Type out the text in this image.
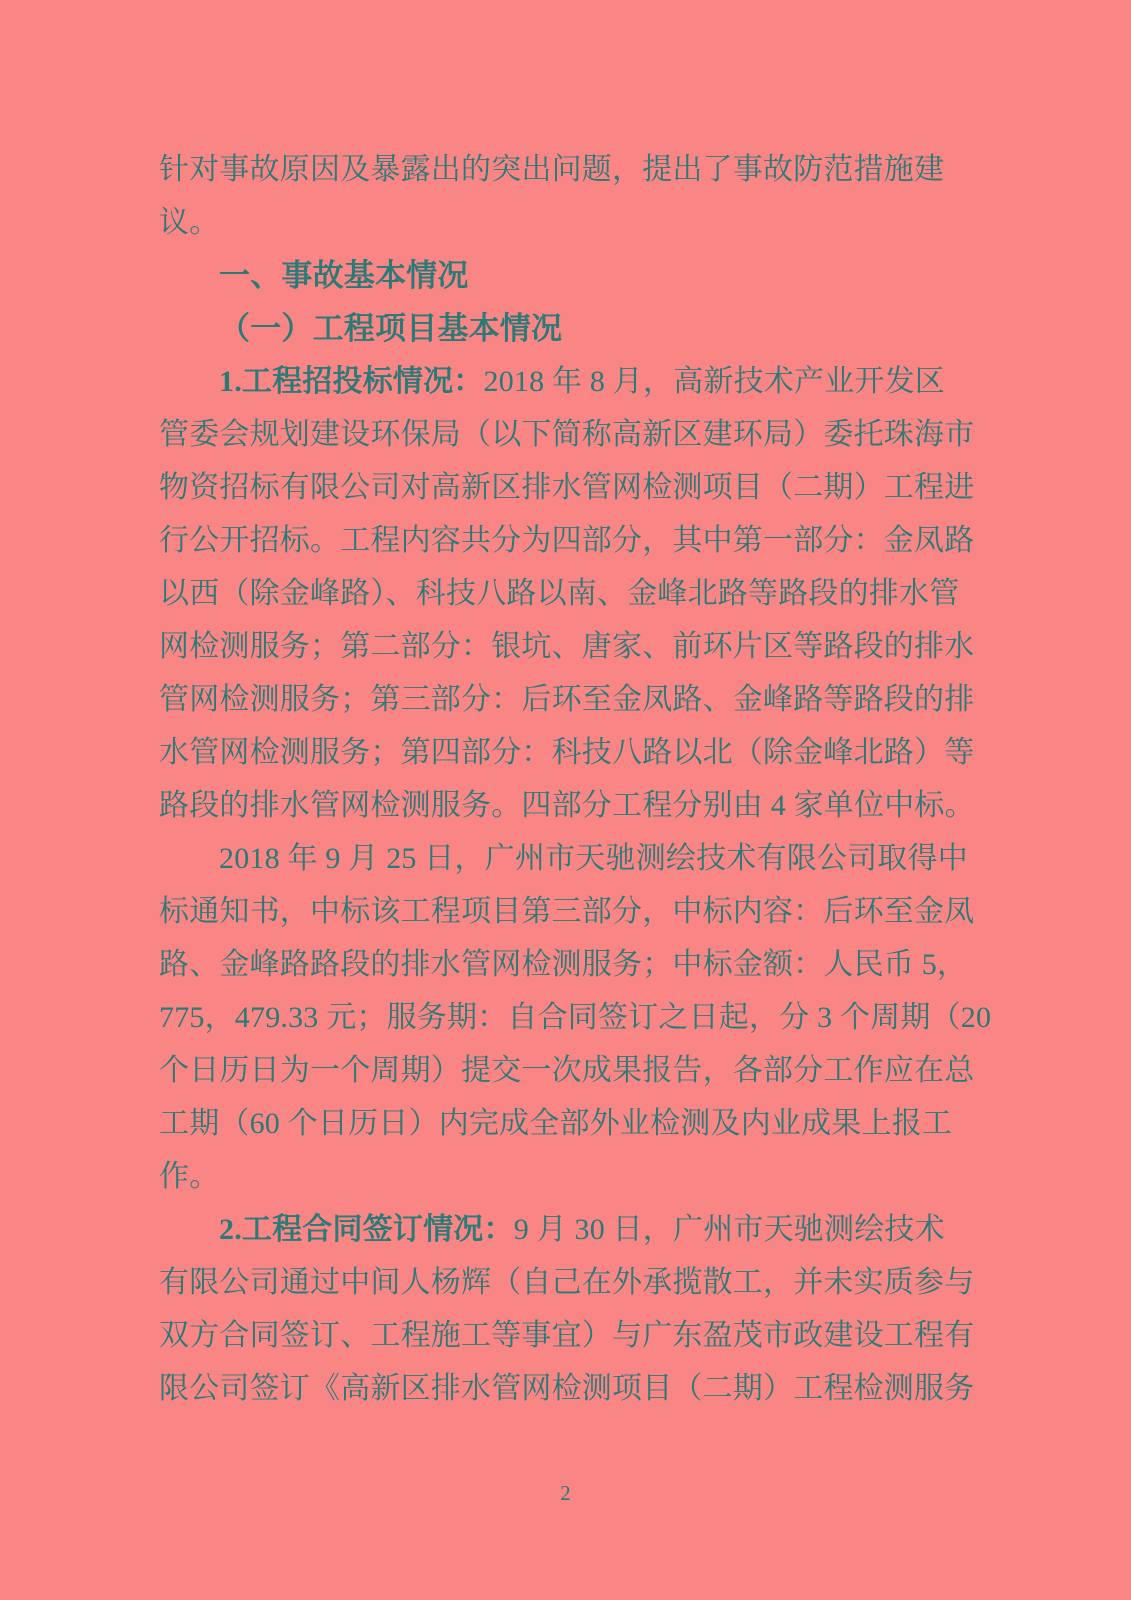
针对事故原因及暴露出的突出问题，提出了事故防范措施建

议。

一、事故基本情况

（一）工程项目基本情况

1.工程招投标情况：2018 年 8 月，高新技术产业开发区

管委会规划建设环保局（以下简称高新区建环局）委托珠海市

物资招标有限公司对高新区排水管网检测项目（二期）工程进

行公开招标。工程内容共分为四部分，其中第一部分：金凤路

以西（除金峰路）、科技八路以南、金峰北路等路段的排水管

网检测服务；第二部分：银坑、唐家、前环片区等路段的排水

管网检测服务；第三部分：后环至金凤路、金峰路等路段的排

水管网检测服务；第四部分：科技八路以北（除金峰北路）等

路段的排水管网检测服务。四部分工程分别由 4 家单位中标。

2018 年 9 月 25 日，广州市天驰测绘技术有限公司取得中

标通知书，中标该工程项目第三部分，中标内容：后环至金凤

路、金峰路路段的排水管网检测服务；中标金额：人民币 5，

775，479.33 元；服务期：自合同签订之日起，分 3 个周期（20

个日历日为一个周期）提交一次成果报告，各部分工作应在总

工期（60 个日历日）内完成全部外业检测及内业成果上报工

作。

2.工程合同签订情况：9 月 30 日，广州市天驰测绘技术

有限公司通过中间人杨辉（自己在外承揽散工，并未实质参与

双方合同签订、工程施工等事宜）与广东盈茂市政建设工程有

限公司签订《高新区排水管网检测项目（二期）工程检测服务

2
